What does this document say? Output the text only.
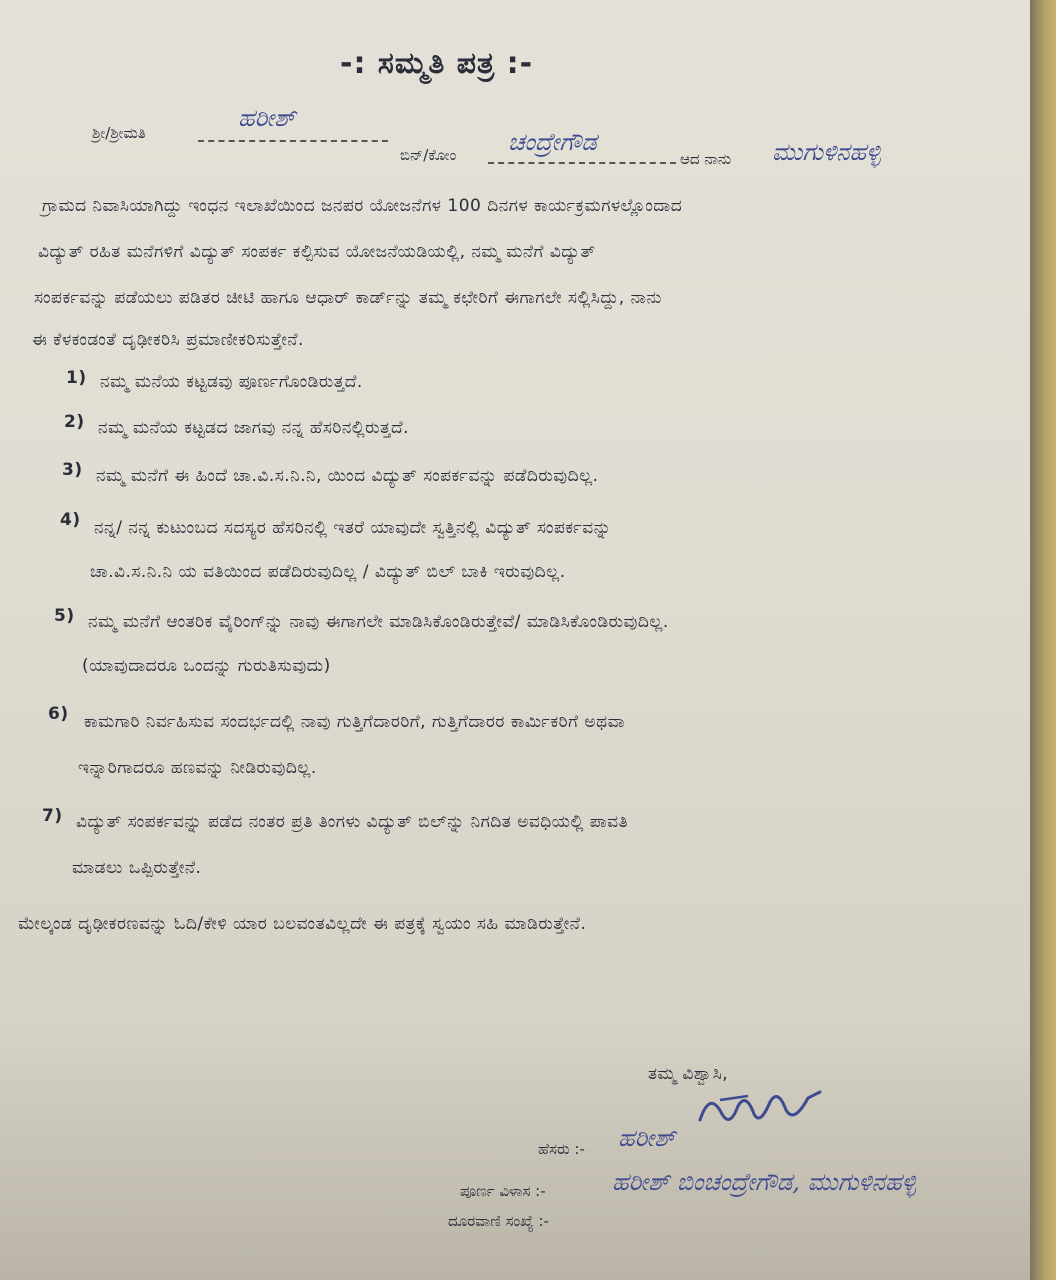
-: ಸಮ್ಮತಿ ಪತ್ರ :-
ಶ್ರೀ/ಶ್ರೀಮತಿ
ಹರೀಶ್
ಬಿನ್/ಕೋಂ ಚಂದ್ರೇಗೌಡ
ಆದ ನಾನು ಮುಗುಳಿನಹಳ್ಳಿ
ಗ್ರಾಮದ ನಿವಾಸಿಯಾಗಿದ್ದು ಇಂಧನ ಇಲಾಖೆಯಿಂದ ಜನಪರ ಯೋಜನೆಗಳ 100 ದಿನಗಳ ಕಾರ್ಯಕ್ರಮಗಳಲ್ಲೊಂದಾದ
ವಿದ್ಯುತ್ ರಹಿತ ಮನೆಗಳಿಗೆ ವಿದ್ಯುತ್ ಸಂಪರ್ಕ ಕಲ್ಪಿಸುವ ಯೋಜನೆಯಡಿಯಲ್ಲಿ, ನಮ್ಮ ಮನೆಗೆ ವಿದ್ಯುತ್
ಸಂಪರ್ಕವನ್ನು ಪಡೆಯಲು ಪಡಿತರ ಚೀಟಿ ಹಾಗೂ ಆಧಾರ್ ಕಾರ್ಡ್‌ನ್ನು ತಮ್ಮ ಕಛೇರಿಗೆ ಈಗಾಗಲೇ ಸಲ್ಲಿಸಿದ್ದು, ನಾನು
ಈ ಕೆಳಕಂಡಂತೆ ದೃಢೀಕರಿಸಿ ಪ್ರಮಾಣೀಕರಿಸುತ್ತೇನೆ.
1) ನಮ್ಮ ಮನೆಯ ಕಟ್ಟಡವು ಪೂರ್ಣಗೊಂಡಿರುತ್ತದೆ.
2) ನಮ್ಮ ಮನೆಯ ಕಟ್ಟಡದ ಜಾಗವು ನನ್ನ ಹೆಸರಿನಲ್ಲಿರುತ್ತದೆ.
3) ನಮ್ಮ ಮನೆಗೆ ಈ ಹಿಂದೆ ಚಾ.ವಿ.ಸ.ನಿ.ನಿ, ಯಿಂದ ವಿದ್ಯುತ್ ಸಂಪರ್ಕವನ್ನು ಪಡೆದಿರುವುದಿಲ್ಲ.
4) ನನ್ನ/ ನನ್ನ ಕುಟುಂಬದ ಸದಸ್ಯರ ಹೆಸರಿನಲ್ಲಿ ಇತರೆ ಯಾವುದೇ ಸ್ವತ್ತಿನಲ್ಲಿ ವಿದ್ಯುತ್ ಸಂಪರ್ಕವನ್ನು
ಚಾ.ವಿ.ಸ.ನಿ.ನಿ ಯ ವತಿಯಿಂದ ಪಡೆದಿರುವುದಿಲ್ಲ / ವಿದ್ಯುತ್ ಬಿಲ್ ಬಾಕಿ ಇರುವುದಿಲ್ಲ.
5) ನಮ್ಮ ಮನೆಗೆ ಆಂತರಿಕ ವೈರಿಂಗ್‌ನ್ನು ನಾವು ಈಗಾಗಲೇ ಮಾಡಿಸಿಕೊಂಡಿರುತ್ತೇವೆ/ ಮಾಡಿಸಿಕೊಂಡಿರುವುದಿಲ್ಲ.
(ಯಾವುದಾದರೂ ಒಂದನ್ನು ಗುರುತಿಸುವುದು)
6) ಕಾಮಗಾರಿ ನಿರ್ವಹಿಸುವ ಸಂದರ್ಭದಲ್ಲಿ ನಾವು ಗುತ್ತಿಗೆದಾರರಿಗೆ, ಗುತ್ತಿಗೆದಾರರ ಕಾರ್ಮಿಕರಿಗೆ ಅಥವಾ
ಇನ್ನಾರಿಗಾದರೂ ಹಣವನ್ನು ನೀಡಿರುವುದಿಲ್ಲ.
7) ವಿದ್ಯುತ್ ಸಂಪರ್ಕವನ್ನು ಪಡೆದ ನಂತರ ಪ್ರತಿ ತಿಂಗಳು ವಿದ್ಯುತ್ ಬಿಲ್‌ನ್ನು ನಿಗದಿತ ಅವಧಿಯಲ್ಲಿ ಪಾವತಿ
ಮಾಡಲು ಒಪ್ಪಿರುತ್ತೇನೆ.
ಮೇಲ್ಕಂಡ ದೃಢೀಕರಣವನ್ನು ಓದಿ/ಕೇಳಿ ಯಾರ ಬಲವಂತವಿಲ್ಲದೇ ಈ ಪತ್ರಕ್ಕೆ ಸ್ವಯಂ ಸಹಿ ಮಾಡಿರುತ್ತೇನೆ.
ತಮ್ಮ ವಿಶ್ವಾಸಿ,
ಹೆಸರು :- ಹರೀಶ್
ಪೂರ್ಣ ವಿಳಾಸ :-	ಹರೀಶ್ ಬಿಂಚಂದ್ರೇಗೌಡ, ಮುಗುಳಿನಹಳ್ಳಿ
ದೂರವಾಣಿ ಸಂಖ್ಯೆ :-
